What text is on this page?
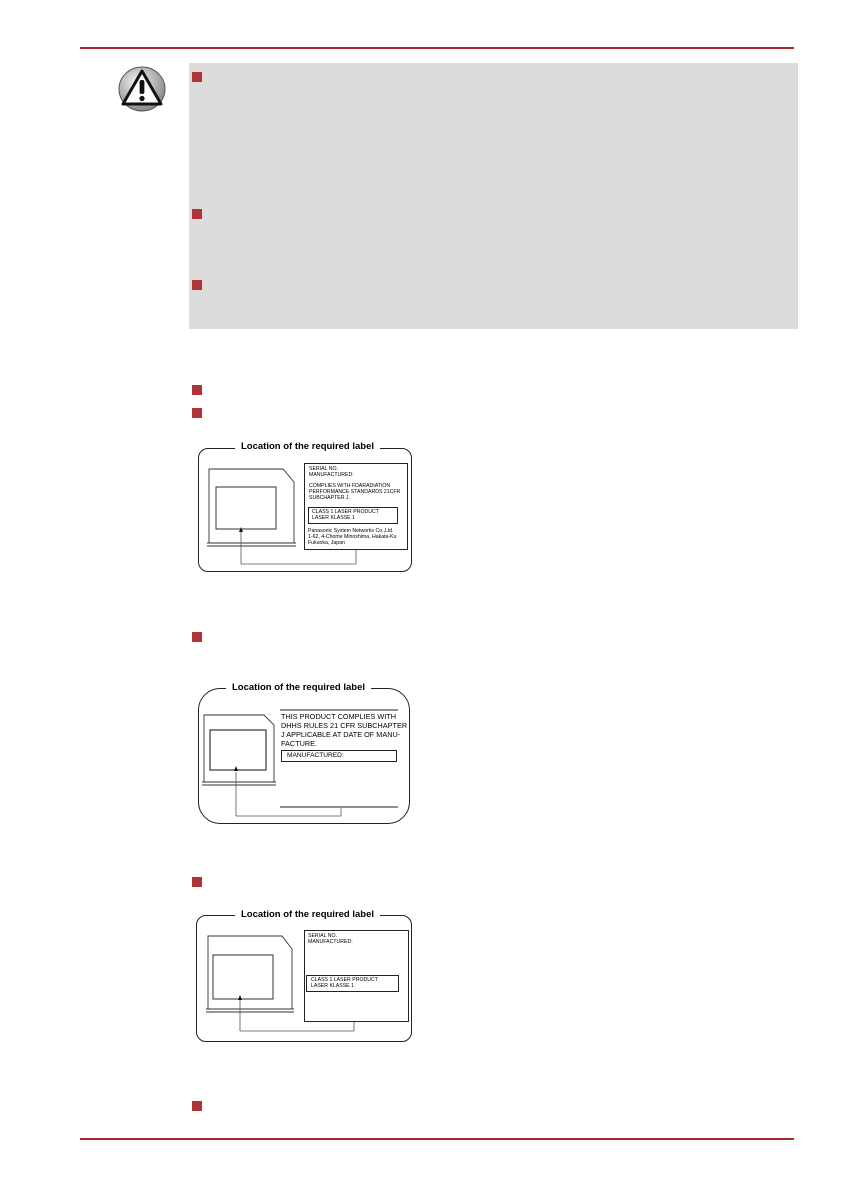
Location of the required label
SERIAL NO.
MANUFACTURED:
COMPLIES WITH FDARADIATION
PERFORMANCE STANDARDS 21CFR
SUBCHAPTER J.
CLASS 1 LASER PRODUCT
LASER KLASSE 1
Panasonic System Networks Co.,Ltd.
1-62, 4-Chome Minoshima, Hakata-Ku
Fukuoka, Japan
Location of the required label
THIS PRODUCT COMPLIES WITH
DHHS RULES 21 CFR SUBCHAPTER
J APPLICABLE AT DATE OF MANU-
FACTURE.
MANUFACTURED:
Location of the required label
SERIAL NO.
MANUFACTURED:
CLASS 1 LASER PRODUCT
LASER KLASSE 1
